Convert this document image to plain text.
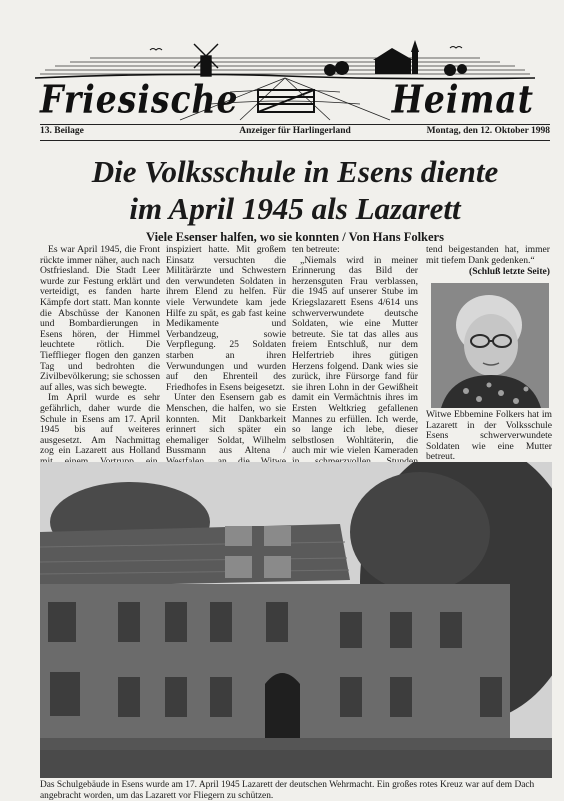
Friesische	Heimat
13. Beilage	Anzeiger für Harlingerland	Montag, den 12. Oktober 1998
Die Volksschule in Esens diente
im April 1945 als Lazarett
Viele Esenser halfen, wo sie konnten / Von Hans Folkers

Es war April 1945, die Front rückte immer näher, auch nach Ostfriesland. Die Stadt Leer wurde zur Festung erklärt und verteidigt, es fanden harte Kämpfe dort statt. Man konnte die Abschüsse der Kanonen und Bombardierungen in Esens hören, der Himmel leuchtete rötlich. Die Tiefflieger flogen den ganzen Tag und bedrohten die Zivilbevölkerung; sie schossen auf alles, was sich bewegte.

Im April wurde es sehr gefährlich, daher wurde die Schule in Esens am 17. April 1945 bis auf weiteres ausgesetzt. Am Nachmittag zog ein Lazarett aus Holland

inspiziert hatte. Mit großem Einsatz versuchten die Militärärzte und Schwestern den verwundeten Soldaten in ihrem Elend zu helfen. Für viele Verwundete kam jede Hilfe zu spät, es gab fast keine Medikamente und Verbandzeug, sowie Verpflegung. 25 Soldaten starben an ihren Verwundungen und wurden auf den Ehrenteil des Friedhofes in Esens beigesetzt.

Unter den Esensern gab es Menschen, die halfen, wo sie konnten. Mit Dankbarkeit erinnert sich später ein ehemaliger Soldat, Wilhelm Bussmann aus Altena /

ten betreute:

„Niemals wird in meiner Erinnerung das Bild der herzensguten Frau verblassen, die 1945 auf unserer Stube im Kriegslazarett Esens 4/614 uns schwerverwundete deutsche Soldaten, wie eine Mutter betreute. Sie tat das alles aus freiem Entschluß, nur dem Helfertrieb ihres gütigen Herzens folgend. Dank wies sie zurück, ihre Fürsorge fand für sie ihren Lohn in der Gewißheit damit ein Vermächtnis ihres im Ersten Weltkrieg gefallenen Mannes zu erfüllen. Ich werde, so lange ich lebe, dieser selbstlosen Wohltäterin, die auch mir wie vielen Kameraden

tend beigestanden hat, immer mit tiefem Dank gedenken.“

(Schluß letzte Seite)
Witwe Ebbemine Folkers hat im Lazarett in der Volksschule Esens schwerverwundete Soldaten wie eine Mutter betreut.
Das Schulgebäude in Esens wurde am 17. April 1945 Lazarett der deutschen Wehrmacht. Ein großes rotes Kreuz war auf dem Dach angebracht worden, um das Lazarett vor Fliegern zu schützen.
